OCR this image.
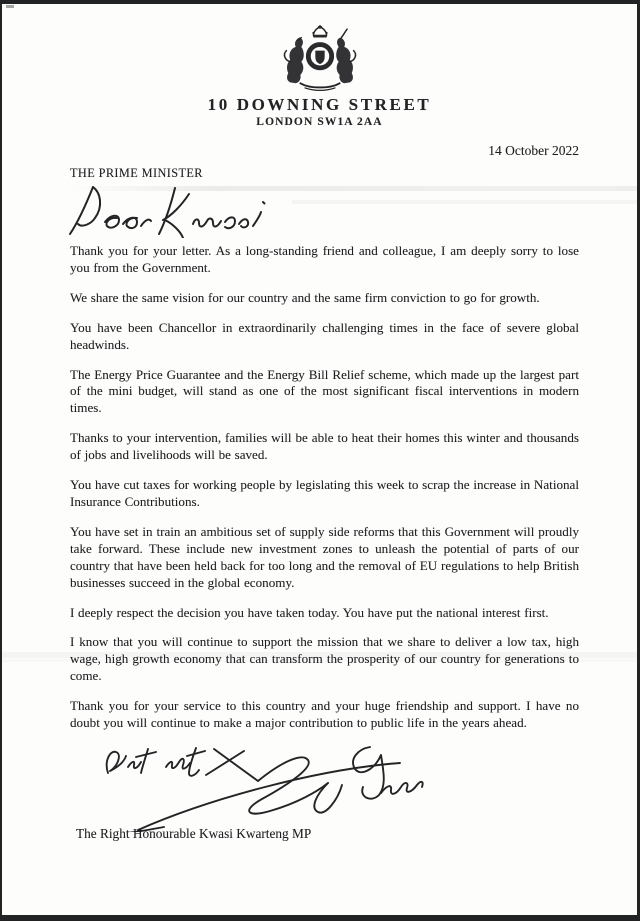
10 DOWNING STREET
LONDON SW1A 2AA
14 October 2022
THE PRIME MINISTER

Thank you for your letter. As a long-standing friend and colleague, I am deeply sorry to lose you from the Government.

We share the same vision for our country and the same firm conviction to go for growth.

You have been Chancellor in extraordinarily challenging times in the face of severe global headwinds.

The Energy Price Guarantee and the Energy Bill Relief scheme, which made up the largest part of the mini budget, will stand as one of the most significant fiscal interventions in modern times.

Thanks to your intervention, families will be able to heat their homes this winter and thousands of jobs and livelihoods will be saved.

You have cut taxes for working people by legislating this week to scrap the increase in National Insurance Contributions.

You have set in train an ambitious set of supply side reforms that this Government will proudly take forward. These include new investment zones to unleash the potential of parts of our country that have been held back for too long and the removal of EU regulations to help British businesses succeed in the global economy.

I deeply respect the decision you have taken today. You have put the national interest first.

I know that you will continue to support the mission that we share to deliver a low tax, high wage, high growth economy that can transform the prosperity of our country for generations to come.

Thank you for your service to this country and your huge friendship and support. I have no doubt you will continue to make a major contribution to public life in the years ahead.

The Right Honourable Kwasi Kwarteng MP
